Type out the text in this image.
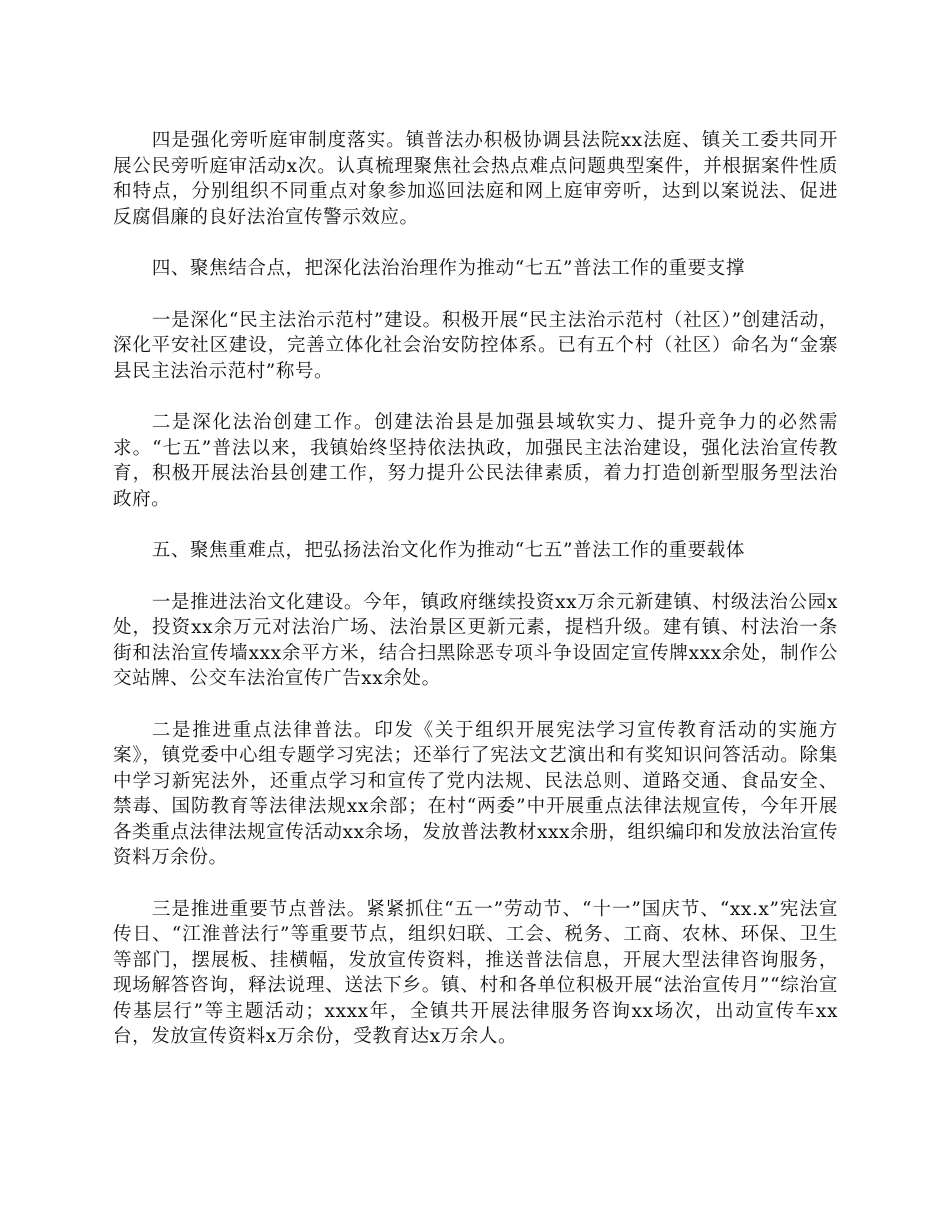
四是强化旁听庭审制度落实。镇普法办积极协调县法院xx法庭、镇关工委共同开展公民旁听庭审活动x次。认真梳理聚焦社会热点难点问题典型案件，并根据案件性质和特点，分别组织不同重点对象参加巡回法庭和网上庭审旁听，达到以案说法、促进反腐倡廉的良好法治宣传警示效应。

四、聚焦结合点，把深化法治治理作为推动“七五”普法工作的重要支撑

一是深化“民主法治示范村”建设。积极开展“民主法治示范村（社区）”创建活动，深化平安社区建设，完善立体化社会治安防控体系。已有五个村（社区）命名为“金寨县民主法治示范村”称号。

二是深化法治创建工作。创建法治县是加强县域软实力、提升竞争力的必然需求。“七五”普法以来，我镇始终坚持依法执政，加强民主法治建设，强化法治宣传教育，积极开展法治县创建工作，努力提升公民法律素质，着力打造创新型服务型法治政府。

五、聚焦重难点，把弘扬法治文化作为推动“七五”普法工作的重要载体

一是推进法治文化建设。今年，镇政府继续投资xx万余元新建镇、村级法治公园x处，投资xx余万元对法治广场、法治景区更新元素，提档升级。建有镇、村法治一条街和法治宣传墙xxx余平方米，结合扫黑除恶专项斗争设固定宣传牌xxx余处，制作公交站牌、公交车法治宣传广告xx余处。

二是推进重点法律普法。印发《关于组织开展宪法学习宣传教育活动的实施方案》，镇党委中心组专题学习宪法；还举行了宪法文艺演出和有奖知识问答活动。除集中学习新宪法外，还重点学习和宣传了党内法规、民法总则、道路交通、食品安全、禁毒、国防教育等法律法规xx余部；在村“两委”中开展重点法律法规宣传，今年开展各类重点法律法规宣传活动xx余场，发放普法教材xxx余册，组织编印和发放法治宣传资料万余份。

三是推进重要节点普法。紧紧抓住“五一”劳动节、“十一”国庆节、“xx.x”宪法宣传日、“江淮普法行”等重要节点，组织妇联、工会、税务、工商、农林、环保、卫生等部门，摆展板、挂横幅，发放宣传资料，推送普法信息，开展大型法律咨询服务，现场解答咨询，释法说理、送法下乡。镇、村和各单位积极开展“法治宣传月”“综治宣传基层行”等主题活动；xxxx年，全镇共开展法律服务咨询xx场次，出动宣传车xx台，发放宣传资料x万余份，受教育达x万余人。
